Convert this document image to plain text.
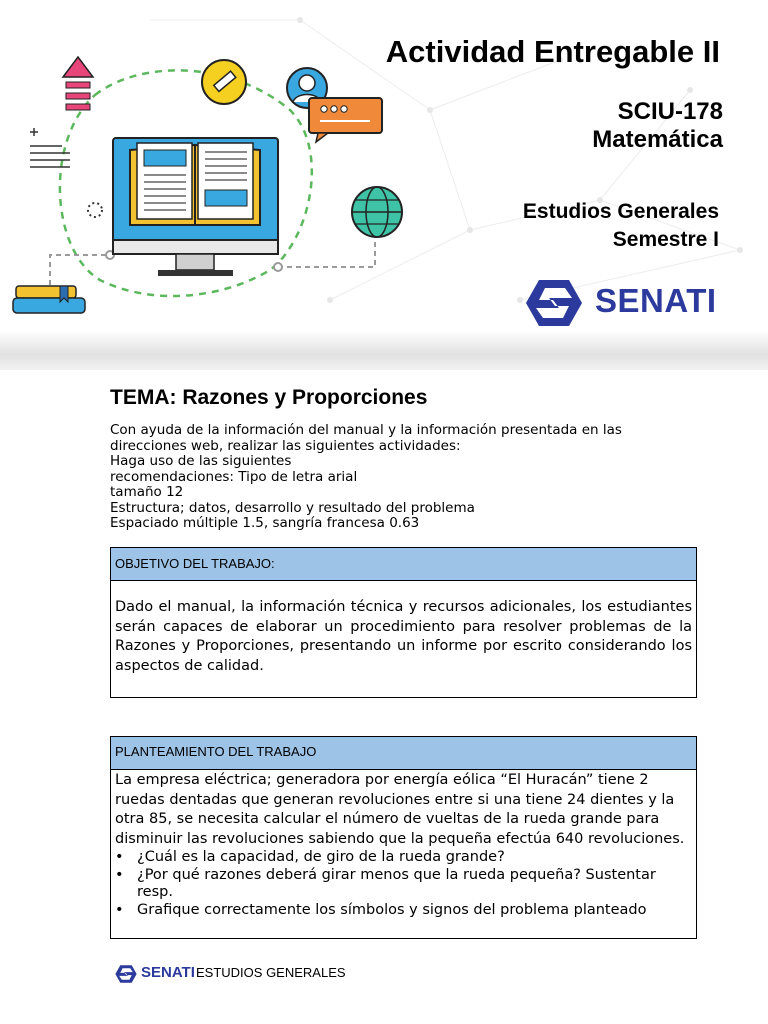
Actividad Entregable II
SCIU-178
Matemática
Estudios Generales
Semestre I
SENATI
TEMA: Razones y Proporciones
Con ayuda de la información del manual y la información presentada en las
direcciones web, realizar las siguientes actividades:
Haga uso de las siguientes
recomendaciones: Tipo de letra arial
tamaño 12
Estructura; datos, desarrollo y resultado del problema
Espaciado múltiple 1.5, sangría francesa 0.63
OBJETIVO DEL TRABAJO:
Dado el manual, la información técnica y recursos adicionales, los estudiantes serán capaces de elaborar un procedimiento para resolver problemas de la Razones y Proporciones, presentando un informe por escrito considerando los aspectos de calidad.
PLANTEAMIENTO DEL TRABAJO
La empresa eléctrica; generadora por energía eólica “El Huracán” tiene 2 ruedas dentadas que generan revoluciones entre si una tiene 24 dientes y la otra 85, se necesita calcular el número de vueltas de la rueda grande para disminuir las revoluciones sabiendo que la pequeña efectúa 640 revoluciones.
• ¿Cuál es la capacidad, de giro de la rueda grande?
• ¿Por qué razones deberá girar menos que la rueda pequeña? Sustentar resp.
• Grafique correctamente los símbolos y signos del problema planteado
SENATI ESTUDIOS GENERALES
